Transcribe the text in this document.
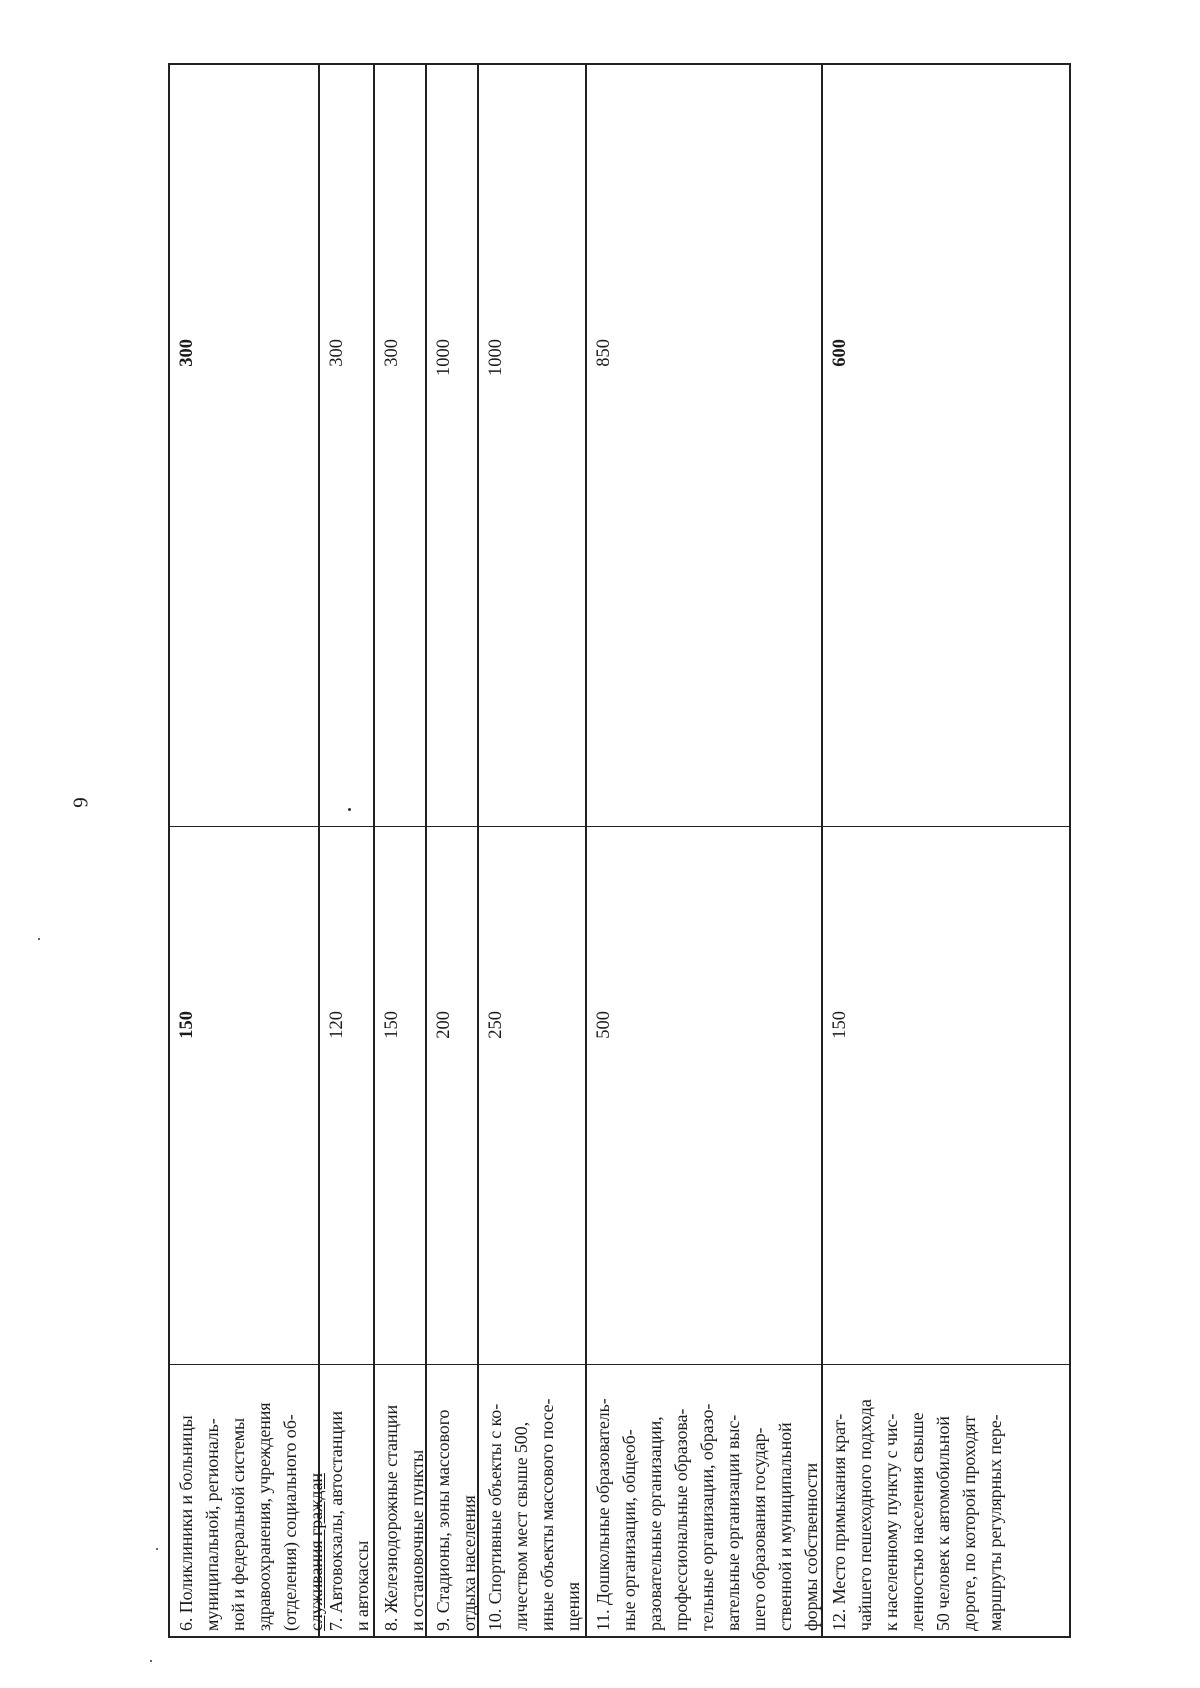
6
6. Поликлиники и больницы муниципальной, региональ- ной и федеральной системы здравоохранения, учреждения (отделения) социального об- служивания граждан
150
300
7. Автовокзалы, автостанции и автокассы
120
300
8. Железнодорожные станции и остановочные пункты
150
300
9. Стадионы, зоны массового отдыха населения
200
1000
10. Спортивные объекты с ко- личеством мест свыше 500, иные объекты массового посе- щения
250
1000
11. Дошкольные образователь- ные организации, общеоб- разовательные организации, профессиональные образова- тельные организации, образо- вательные организации выс- шего образования государ- ственной и муниципальной формы собственности
500
850
12. Место примыкания крат- чайшего пешеходного подхода к населенному пункту с чис- ленностью населения свыше 50 человек к автомобильной дороге, по которой проходят маршруты регулярных пере-
150
600
